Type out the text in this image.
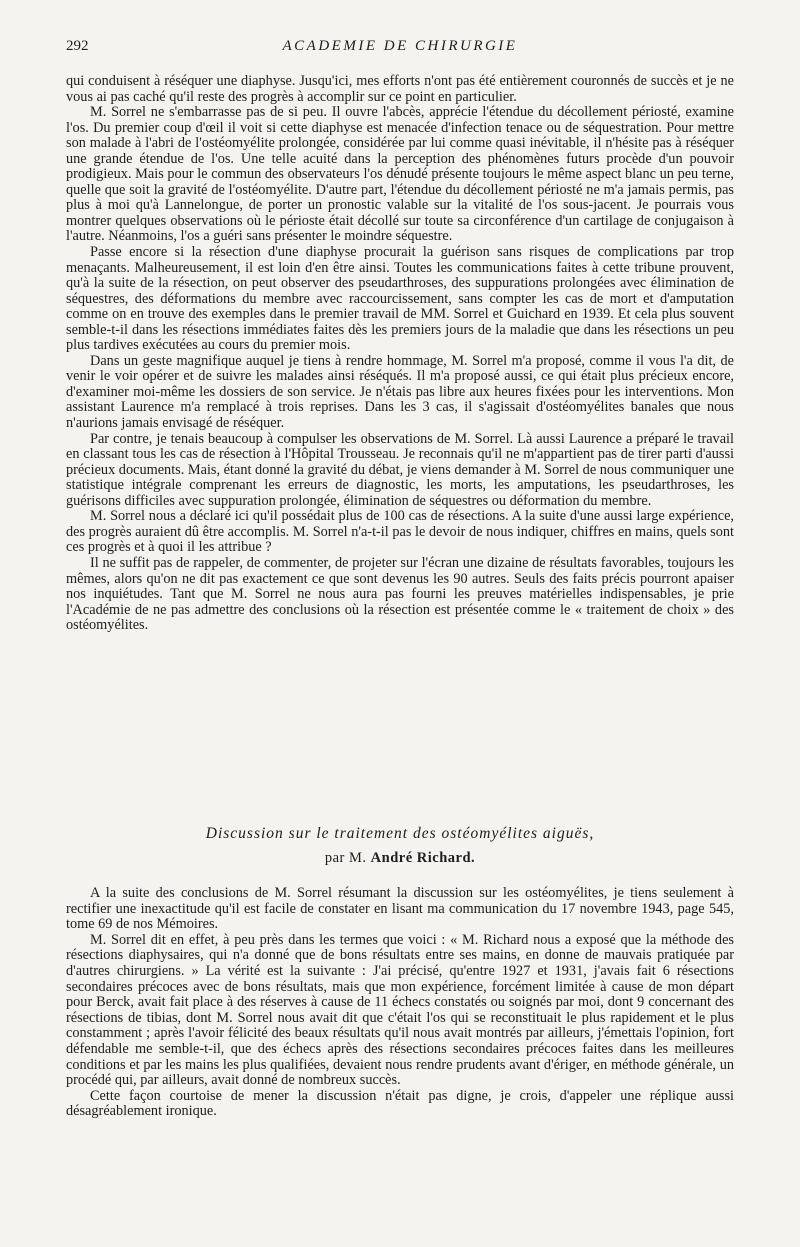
292	ACADEMIE DE CHIRURGIE

qui conduisent à réséquer une diaphyse. Jusqu'ici, mes efforts n'ont pas été entièrement couronnés de succès et je ne vous ai pas caché qu'il reste des progrès à accomplir sur ce point en particulier.

M. Sorrel ne s'embarrasse pas de si peu. Il ouvre l'abcès, apprécie l'étendue du décollement périosté, examine l'os. Du premier coup d'œil il voit si cette diaphyse est menacée d'infection tenace ou de séquestration. Pour mettre son malade à l'abri de l'ostéomyélite prolongée, considérée par lui comme quasi inévitable, il n'hésite pas à réséquer une grande étendue de l'os. Une telle acuité dans la perception des phénomènes futurs procède d'un pouvoir prodigieux. Mais pour le commun des observateurs l'os dénudé présente toujours le même aspect blanc un peu terne, quelle que soit la gravité de l'ostéomyélite. D'autre part, l'étendue du décollement périosté ne m'a jamais permis, pas plus à moi qu'à Lannelongue, de porter un pronostic valable sur la vitalité de l'os sous-jacent. Je pourrais vous montrer quelques observations où le périoste était décollé sur toute sa circonférence d'un cartilage de conjugaison à l'autre. Néanmoins, l'os a guéri sans présenter le moindre séquestre.

Passe encore si la résection d'une diaphyse procurait la guérison sans risques de complications par trop menaçants. Malheureusement, il est loin d'en être ainsi. Toutes les communications faites à cette tribune prouvent, qu'à la suite de la résection, on peut observer des pseudarthroses, des suppurations prolongées avec élimination de séquestres, des déformations du membre avec raccourcissement, sans compter les cas de mort et d'amputation comme on en trouve des exemples dans le premier travail de MM. Sorrel et Guichard en 1939. Et cela plus souvent semble-t-il dans les résections immédiates faites dès les premiers jours de la maladie que dans les résections un peu plus tardives exécutées au cours du premier mois.

Dans un geste magnifique auquel je tiens à rendre hommage, M. Sorrel m'a proposé, comme il vous l'a dit, de venir le voir opérer et de suivre les malades ainsi réséqués. Il m'a proposé aussi, ce qui était plus précieux encore, d'examiner moi-même les dossiers de son service. Je n'étais pas libre aux heures fixées pour les interventions. Mon assistant Laurence m'a remplacé à trois reprises. Dans les 3 cas, il s'agissait d'ostéomyélites banales que nous n'aurions jamais envisagé de réséquer.

Par contre, je tenais beaucoup à compulser les observations de M. Sorrel. Là aussi Laurence a préparé le travail en classant tous les cas de résection à l'Hôpital Trousseau. Je reconnais qu'il ne m'appartient pas de tirer parti d'aussi précieux documents. Mais, étant donné la gravité du débat, je viens demander à M. Sorrel de nous communiquer une statistique intégrale comprenant les erreurs de diagnostic, les morts, les amputations, les pseudarthroses, les guérisons difficiles avec suppuration prolongée, élimination de séquestres ou déformation du membre.

M. Sorrel nous a déclaré ici qu'il possédait plus de 100 cas de résections. A la suite d'une aussi large expérience, des progrès auraient dû être accomplis. M. Sorrel n'a-t-il pas le devoir de nous indiquer, chiffres en mains, quels sont ces progrès et à quoi il les attribue ?

Il ne suffit pas de rappeler, de commenter, de projeter sur l'écran une dizaine de résultats favorables, toujours les mêmes, alors qu'on ne dit pas exactement ce que sont devenus les 90 autres. Seuls des faits précis pourront apaiser nos inquiétudes. Tant que M. Sorrel ne nous aura pas fourni les preuves matérielles indispensables, je prie l'Académie de ne pas admettre des conclusions où la résection est présentée comme le « traitement de choix » des ostéomyélites.

Discussion sur le traitement des ostéomyélites aiguës,
par M. André Richard.

A la suite des conclusions de M. Sorrel résumant la discussion sur les ostéomyélites, je tiens seulement à rectifier une inexactitude qu'il est facile de constater en lisant ma communication du 17 novembre 1943, page 545, tome 69 de nos Mémoires.

M. Sorrel dit en effet, à peu près dans les termes que voici : « M. Richard nous a exposé que la méthode des résections diaphysaires, qui n'a donné que de bons résultats entre ses mains, en donne de mauvais pratiquée par d'autres chirurgiens. » La vérité est la suivante : J'ai précisé, qu'entre 1927 et 1931, j'avais fait 6 résections secondaires précoces avec de bons résultats, mais que mon expérience, forcément limitée à cause de mon départ pour Berck, avait fait place à des réserves à cause de 11 échecs constatés ou soignés par moi, dont 9 concernant des résections de tibias, dont M. Sorrel nous avait dit que c'était l'os qui se reconstituait le plus rapidement et le plus constamment ; après l'avoir félicité des beaux résultats qu'il nous avait montrés par ailleurs, j'émettais l'opinion, fort défendable me semble-t-il, que des échecs après des résections secondaires précoces faites dans les meilleures conditions et par les mains les plus qualifiées, devaient nous rendre prudents avant d'ériger, en méthode générale, un procédé qui, par ailleurs, avait donné de nombreux succès.

Cette façon courtoise de mener la discussion n'était pas digne, je crois, d'appeler une réplique aussi désagréablement ironique.
